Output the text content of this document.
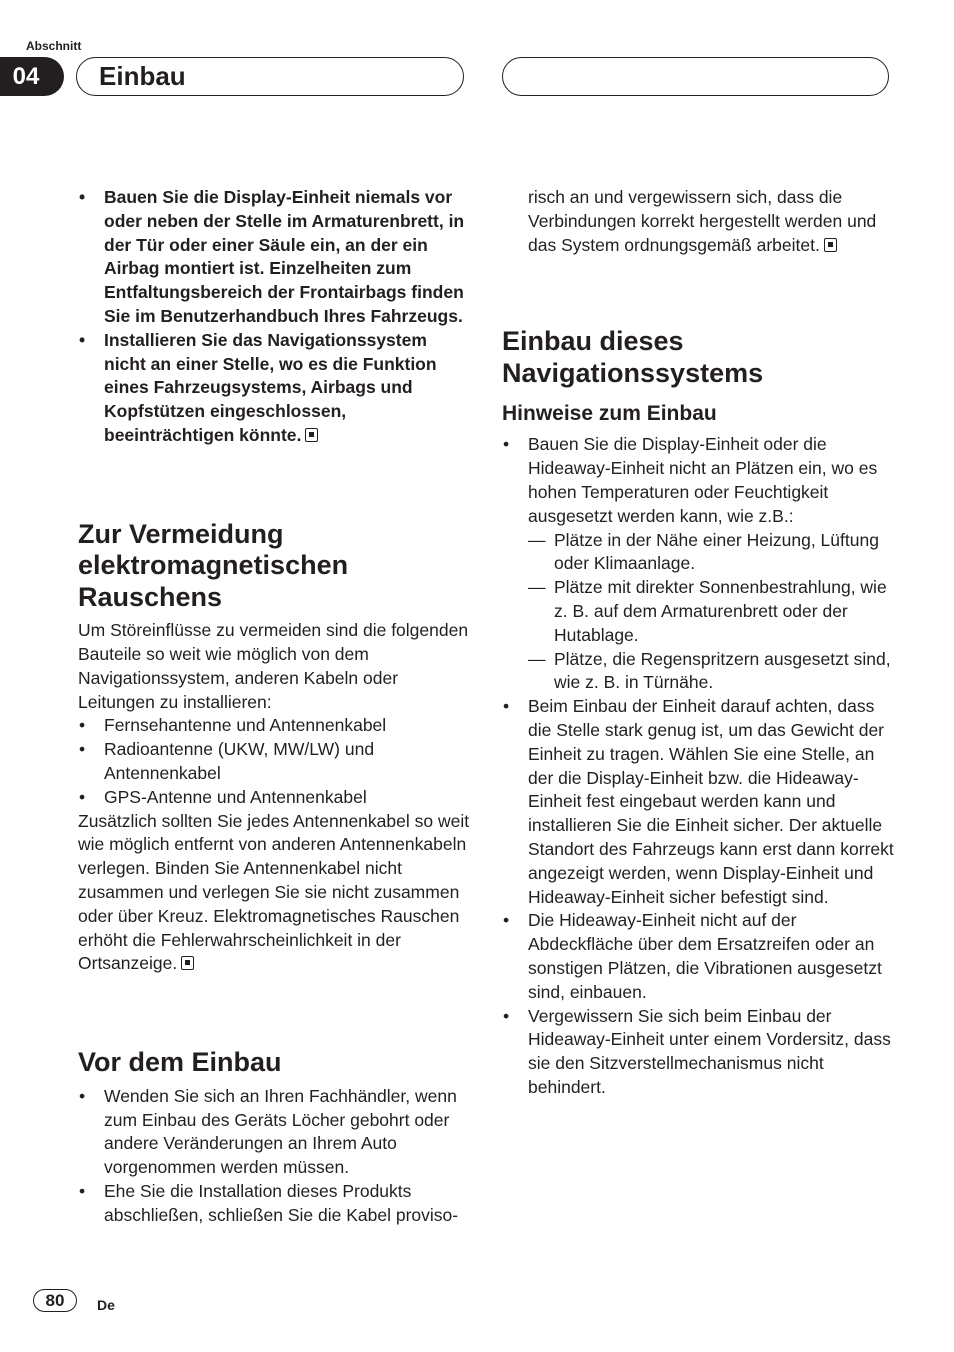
Abschnitt
04	Einbau
• Bauen Sie die Display-Einheit niemals vor oder neben der Stelle im Armaturenbrett, in der Tür oder einer Säule ein, an der ein Airbag montiert ist. Einzelheiten zum Entfaltungsbereich der Frontairbags finden Sie im Benutzerhandbuch Ihres Fahrzeugs.
• Installieren Sie das Navigationssystem nicht an einer Stelle, wo es die Funktion eines Fahrzeugsystems, Airbags und Kopfstützen eingeschlossen, beeinträchtigen könnte.
Zur Vermeidung elektromagnetischen Rauschens

Um Störeinflüsse zu vermeiden sind die folgenden Bauteile so weit wie möglich von dem Navigationssystem, anderen Kabeln oder Leitungen zu installieren:

• Fernsehantenne und Antennenkabel
• Radioantenne (UKW, MW/LW) und Antennenkabel
• GPS-Antenne und Antennenkabel

Zusätzlich sollten Sie jedes Antennenkabel so weit wie möglich entfernt von anderen Antennenkabeln verlegen. Binden Sie Antennenkabel nicht zusammen und verlegen Sie sie nicht zusammen oder über Kreuz. Elektromagnetisches Rauschen erhöht die Fehlerwahrscheinlichkeit in der Ortsanzeige.

Vor dem Einbau
• Wenden Sie sich an Ihren Fachhändler, wenn zum Einbau des Geräts Löcher gebohrt oder andere Veränderungen an Ihrem Auto vorgenommen werden müssen.
• Ehe Sie die Installation dieses Produkts abschließen, schließen Sie die Kabel proviso-

risch an und vergewissern sich, dass die Verbindungen korrekt hergestellt werden und das System ordnungsgemäß arbeitet.

Einbau dieses Navigationssystems
Hinweise zum Einbau
• Bauen Sie die Display-Einheit oder die Hideaway-Einheit nicht an Plätzen ein, wo es hohen Temperaturen oder Feuchtigkeit ausgesetzt werden kann, wie z.B.:
— Plätze in der Nähe einer Heizung, Lüftung oder Klimaanlage.
— Plätze mit direkter Sonnenbestrahlung, wie z. B. auf dem Armaturenbrett oder der Hutablage.
— Plätze, die Regenspritzern ausgesetzt sind, wie z. B. in Türnähe.
• Beim Einbau der Einheit darauf achten, dass die Stelle stark genug ist, um das Gewicht der Einheit zu tragen. Wählen Sie eine Stelle, an der die Display-Einheit bzw. die Hideaway-Einheit fest eingebaut werden kann und installieren Sie die Einheit sicher. Der aktuelle Standort des Fahrzeugs kann erst dann korrekt angezeigt werden, wenn Display-Einheit und Hideaway-Einheit sicher befestigt sind.
• Die Hideaway-Einheit nicht auf der Abdeckfläche über dem Ersatzreifen oder an sonstigen Plätzen, die Vibrationen ausgesetzt sind, einbauen.
• Vergewissern Sie sich beim Einbau der Hideaway-Einheit unter einem Vordersitz, dass sie den Sitzverstellmechanismus nicht behindert.
80	De
